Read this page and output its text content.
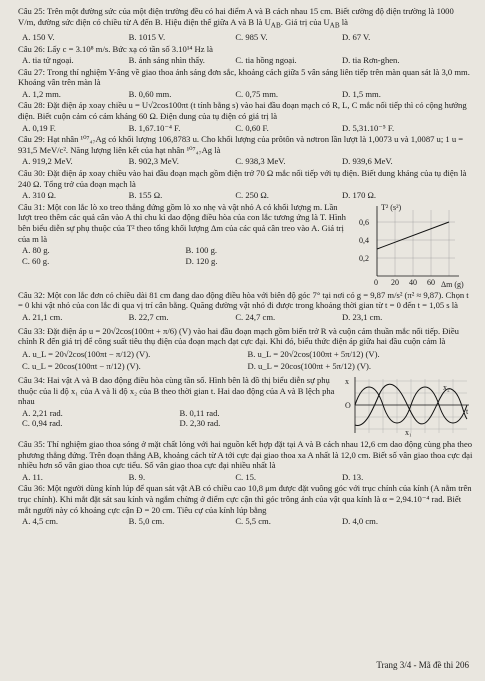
Câu 25: Trên một đường sức của một điện trường đều có hai điểm A và B cách nhau 15 cm. Biết cường độ điện trường là 1000 V/m, đường sức điện có chiều từ A đến B. Hiệu điện thế giữa A và B là $U_{AB}$. Giá trị của $U_{AB}$ là
A. 150 V.	B. 1015 V.	C. 985 V.	D. 67 V.
Câu 26: Lấy c = 3.10⁸ m/s. Bức xạ có tần số 3.10¹⁴ Hz là
A. tia tử ngoại.	B. ánh sáng nhìn thấy.	C. tia hồng ngoại.	D. tia Rơn-ghen.
Câu 27: Trong thí nghiệm Y-âng về giao thoa ánh sáng đơn sắc, khoảng cách giữa 5 vân sáng liên tiếp trên màn quan sát là 3,0 mm. Khoảng vân trên màn là
A. 1,2 mm.	B. 0,60 mm.	C. 0,75 mm.	D. 1,5 mm.
Câu 28: Đặt điện áp xoay chiều u = U√2cos100πt (t tính bằng s) vào hai đầu đoạn mạch có R, L, C mắc nối tiếp thì có cộng hưởng điện. Biết cuộn cảm có cảm kháng 60 Ω. Điện dung của tụ điện có giá trị là
A. 0,19 F.	B. 1,67.10⁻⁴ F.	C. 0,60 F.	D. 5,31.10⁻⁵ F.
Câu 29: Hạt nhân ¹⁰⁷₄₇Ag có khối lượng 106,8783 u. Cho khối lượng của prôtôn và nơtron lần lượt là 1,0073 u và 1,0087 u; 1 u = 931,5 MeV/c². Năng lượng liên kết của hạt nhân ¹⁰⁷₄₇Ag là
A. 919,2 MeV.	B. 902,3 MeV.	C. 938,3 MeV.	D. 939,6 MeV.
Câu 30: Đặt điện áp xoay chiều vào hai đầu đoạn mạch gồm điện trở 70 Ω mắc nối tiếp với tụ điện. Biết dung kháng của tụ điện là 240 Ω. Tổng trở của đoạn mạch là
A. 310 Ω.	B. 155 Ω.	C. 250 Ω.	D. 170 Ω.
Câu 31: Một con lắc lò xo treo thẳng đứng gồm lò xo nhẹ và vật nhỏ A có khối lượng m. Lần lượt treo thêm các quả cân vào A thì chu kì dao động điều hòa của con lắc tương ứng là T. Hình bên biểu diễn sự phụ thuộc của T² theo tổng khối lượng Δm của các quả cân treo vào A. Giá trị của m là
A. 80 g.	B. 100 g.
C. 60 g.	D. 120 g.
T² (s²)
Δm (g)
0 20 40 60
0,2
0,4
0,6
Câu 32: Một con lắc đơn có chiều dài 81 cm đang dao động điều hòa với biên độ góc 7° tại nơi có g = 9,87 m/s² (π² ≈ 9,87). Chọn t = 0 khi vật nhỏ của con lắc đi qua vị trí cân bằng. Quãng đường vật nhỏ đi được trong khoảng thời gian từ t = 0 đến t = 1,05 s là
A. 21,1 cm.	B. 22,7 cm.	C. 24,7 cm.	D. 23,1 cm.
Câu 33: Đặt điện áp u = 20√2cos(100πt + π/6) (V) vào hai đầu đoạn mạch gồm biến trở R và cuộn cảm thuần mắc nối tiếp. Điều chỉnh R đến giá trị để công suất tiêu thụ điện của đoạn mạch đạt cực đại. Khi đó, biểu thức điện áp giữa hai đầu cuộn cảm là
A. u_L = 20√2cos(100πt − π/12) (V).	B. u_L = 20√2cos(100πt + 5π/12) (V).
C. u_L = 20cos(100πt − π/12) (V).	D. u_L = 20cos(100πt + 5π/12) (V).
Câu 34: Hai vật A và B dao động điều hòa cùng tần số. Hình bên là đồ thị biểu diễn sự phụ thuộc của li độ x₁ của A và li độ x₂ của B theo thời gian t. Hai dao động của A và B lệch pha nhau
A. 2,21 rad.	B. 0,11 rad.
C. 0,94 rad.	D. 2,30 rad.
x
t
O
x₁
x₂
Câu 35: Thí nghiệm giao thoa sóng ở mặt chất lỏng với hai nguồn kết hợp đặt tại A và B cách nhau 12,6 cm dao động cùng pha theo phương thẳng đứng. Trên đoạn thẳng AB, khoảng cách từ A tới cực đại giao thoa xa A nhất là 12,0 cm. Biết số vân giao thoa cực đại nhiều hơn số vân giao thoa cực tiểu. Số vân giao thoa cực đại nhiều nhất là
A. 11.	B. 9.	C. 15.	D. 13.
Câu 36: Một người dùng kính lúp để quan sát vật AB có chiều cao 10,8 μm được đặt vuông góc với trục chính của kính (A nằm trên trục chính). Khi mắt đặt sát sau kính và ngắm chừng ở điểm cực cận thì góc trông ảnh của vật qua kính là α = 2,94.10⁻⁴ rad. Biết mắt người này có khoảng cực cận Đ = 20 cm. Tiêu cự của kính lúp bằng
A. 4,5 cm.	B. 5,0 cm.	C. 5,5 cm.	D. 4,0 cm.
Trang 3/4 - Mã đề thi 206
